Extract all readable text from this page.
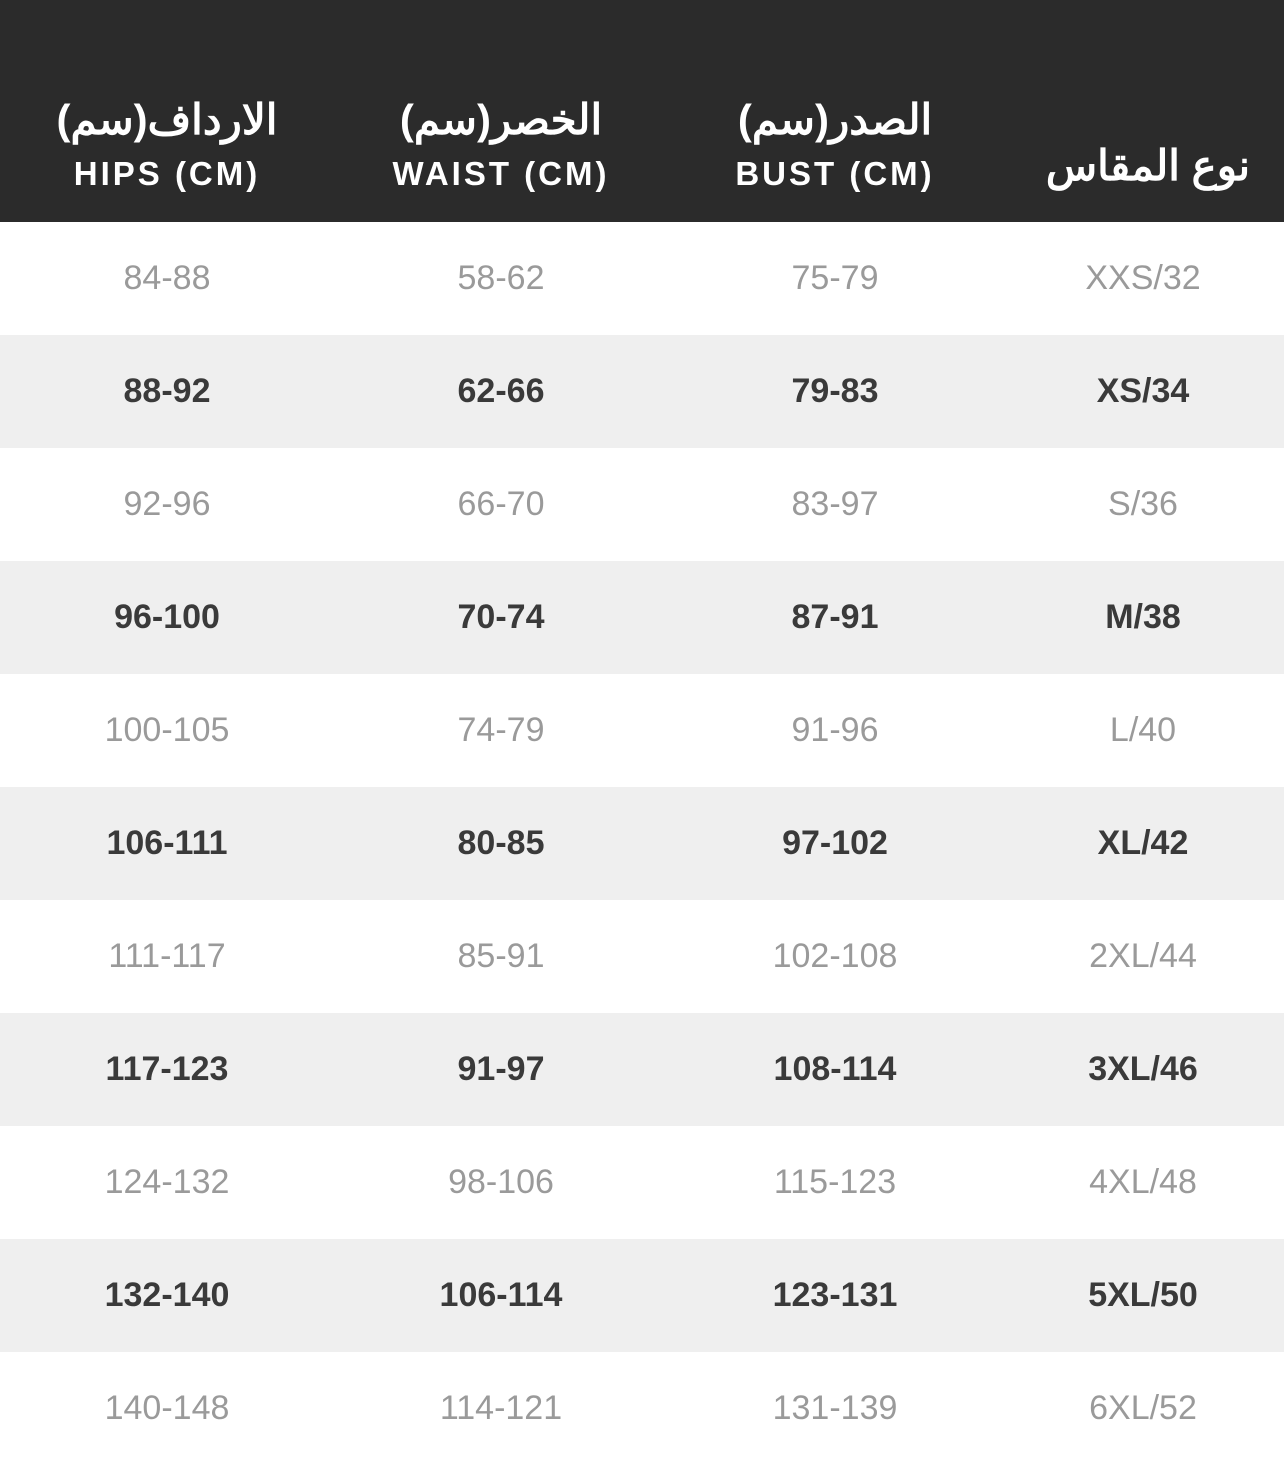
نوع المقاس
الصدر(سم)
BUST (CM)
الخصر(سم)
WAIST (CM)
الارداف(سم)
HIPS (CM)
XXS/32
75-79
58-62
84-88
XS/34
79-83
62-66
88-92
S/36
83-97
66-70
92-96
M/38
87-91
70-74
96-100
L/40
91-96
74-79
100-105
XL/42
97-102
80-85
106-111
2XL/44
102-108
85-91
111-117
3XL/46
108-114
91-97
117-123
4XL/48
115-123
98-106
124-132
5XL/50
123-131
106-114
132-140
6XL/52
131-139
114-121
140-148
